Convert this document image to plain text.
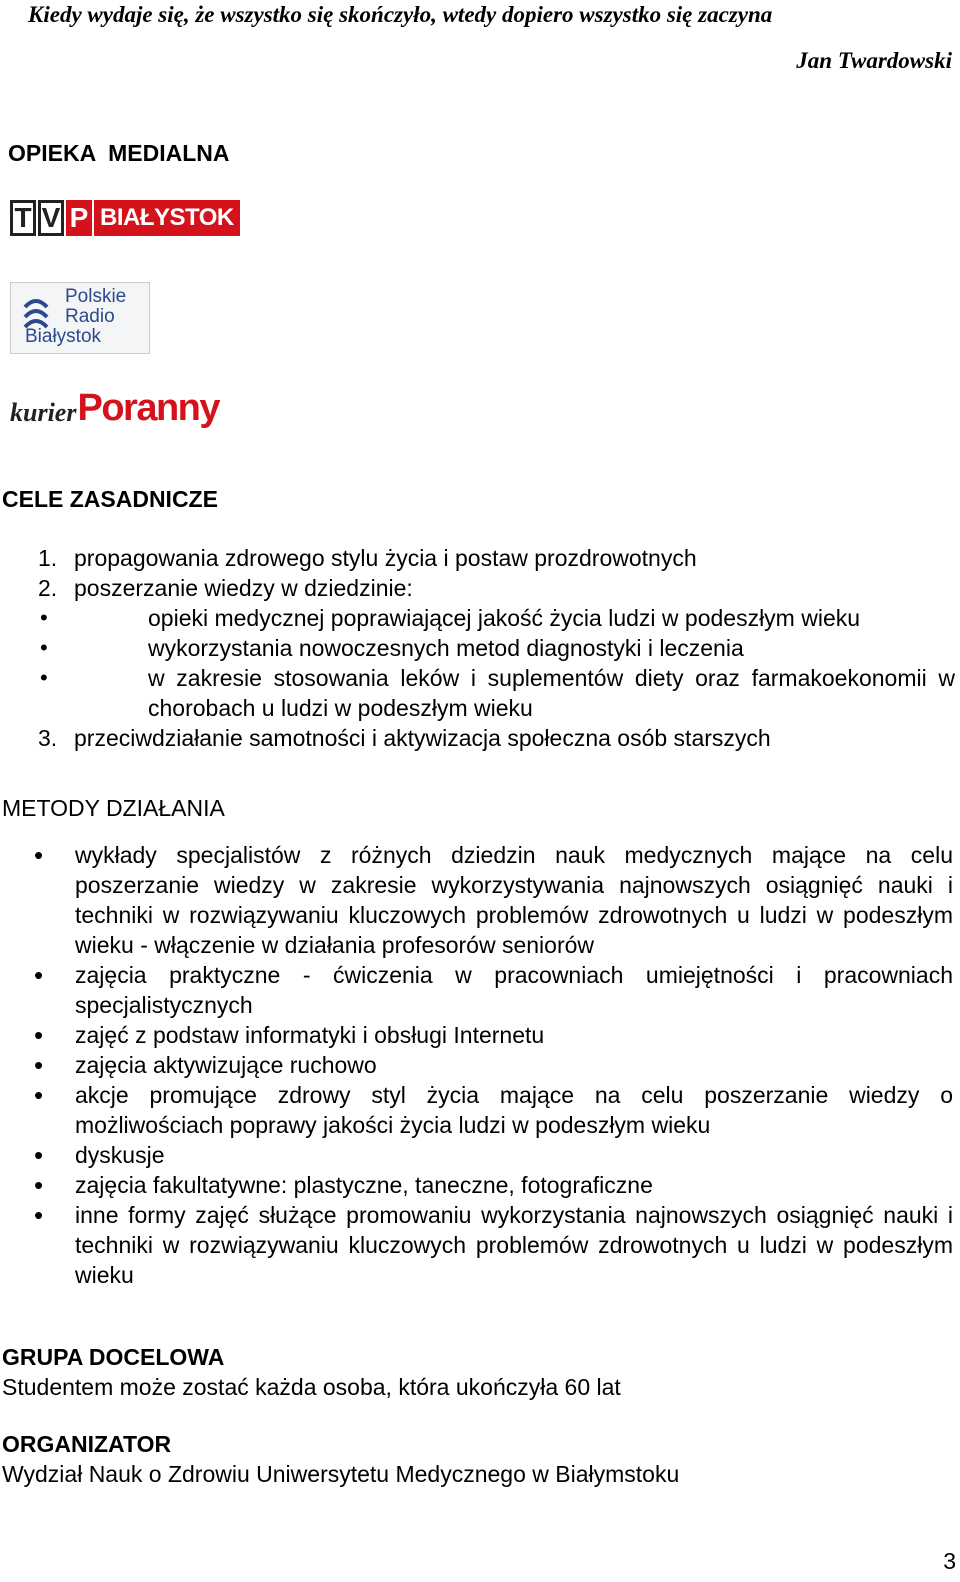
Kiedy wydaje się, że wszystko się skończyło, wtedy dopiero wszystko się zaczyna
Jan Twardowski
OPIEKA  MEDIALNA
T V P BIAŁYSTOK
Polskie
Radio
Białystok
kurier Poranny
CELE ZASADNICZE
1. propagowania zdrowego stylu życia i postaw prozdrowotnych
2. poszerzanie wiedzy w dziedzinie:
• opieki medycznej poprawiającej jakość życia ludzi w podeszłym wieku
• wykorzystania nowoczesnych metod diagnostyki i leczenia
• w zakresie stosowania leków i suplementów diety oraz farmakoekonomii w chorobach u ludzi w podeszłym wieku
3. przeciwdziałanie samotności i aktywizacja społeczna osób starszych
METODY DZIAŁANIA
• wykłady specjalistów z różnych dziedzin nauk medycznych mające na celu poszerzanie wiedzy w zakresie wykorzystywania najnowszych osiągnięć nauki i techniki w rozwiązywaniu kluczowych problemów zdrowotnych u ludzi w podeszłym wieku - włączenie w działania profesorów seniorów
• zajęcia praktyczne - ćwiczenia w pracowniach umiejętności i pracowniach specjalistycznych
• zajęć z podstaw informatyki i obsługi Internetu
• zajęcia aktywizujące ruchowo
• akcje promujące zdrowy styl życia mające na celu poszerzanie wiedzy o możliwościach poprawy jakości życia ludzi w podeszłym wieku
• dyskusje
• zajęcia fakultatywne: plastyczne, taneczne, fotograficzne
• inne formy zajęć służące promowaniu wykorzystania najnowszych osiągnięć nauki i techniki w rozwiązywaniu kluczowych problemów zdrowotnych u ludzi w podeszłym wieku
GRUPA DOCELOWA
Studentem może zostać każda osoba, która ukończyła 60 lat
ORGANIZATOR
Wydział Nauk o Zdrowiu Uniwersytetu Medycznego w Białymstoku
3
